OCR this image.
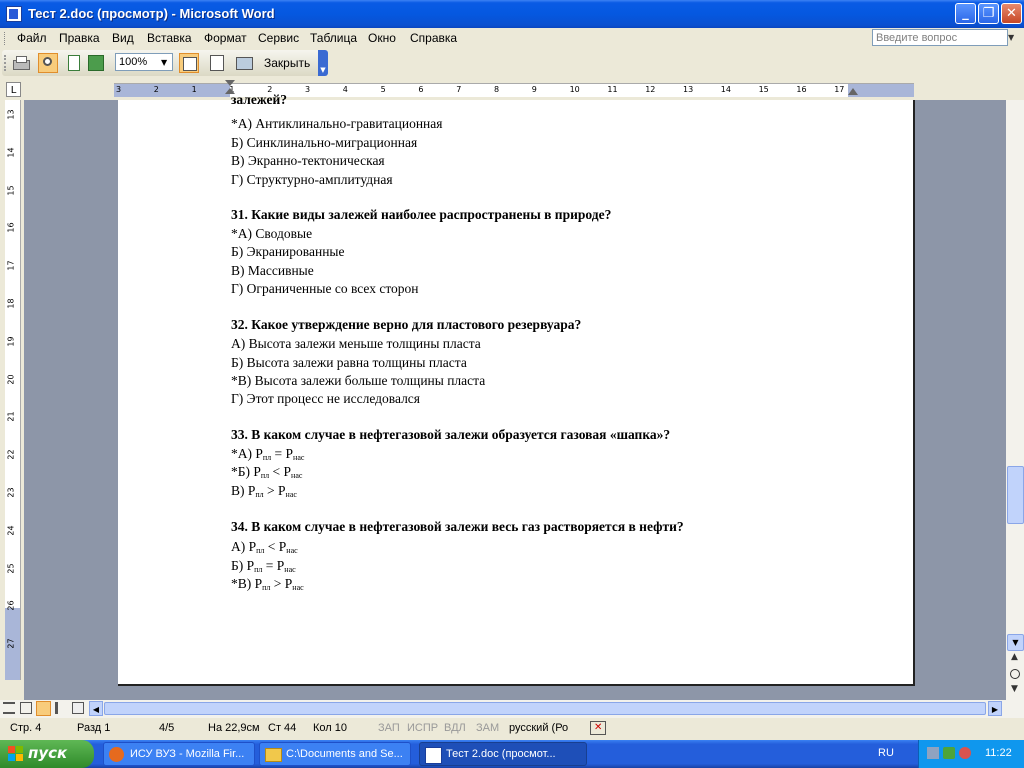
Тест 2.doc (просмотр) - Microsoft Word	_	❐ ✕
Файл Правка Вид Вставка Формат Сервис Таблица Окно Справка	Введите вопрос	▼
100%	▼	Закрыть	▼
L	3	2	1	1	2	3	4	5	6	7	8	9	10	11	12	13	14	15	16	17
13
14
15
16
17
18
19
20
21
22
23
24
25
26
27
залежей?
*А) Антиклинально-гравитационная
Б) Синклинально-миграционная
В) Экранно-тектоническая
Г) Структурно-амплитудная
31. Какие виды залежей наиболее распространены в природе?
*А) Сводовые
Б) Экранированные
В) Массивные
Г) Ограниченные со всех сторон
32. Какое утверждение верно для пластового резервуара?
А) Высота залежи меньше толщины пласта
Б) Высота залежи равна толщины пласта
*В) Высота залежи больше толщины пласта
Г) Этот процесс не исследовался
33. В каком случае в нефтегазовой залежи образуется газовая «шапка»?
*А) $P_{пл} = P_{нас}$
*Б) $P_{пл} < P_{нас}$
В) $P_{пл} > P_{нас}$
34. В каком случае в нефтегазовой залежи весь газ растворяется в нефти?
А) $P_{пл} < P_{нас}$
Б) $P_{пл} = P_{нас}$
*В) $P_{пл} > P_{нас}$
▼
▲
▼
◀	▶
Стр. 4	Разд 1	4/5	На 22,9см Ст 44 Кол 10	ЗАП ИСПР ВДЛ ЗАМ русский (Ро	✕
пуск	ИСУ ВУЗ - Mozilla Fir...	C:\Documents and Se...	Тест 2.doc (просмот...	RU	11:22
